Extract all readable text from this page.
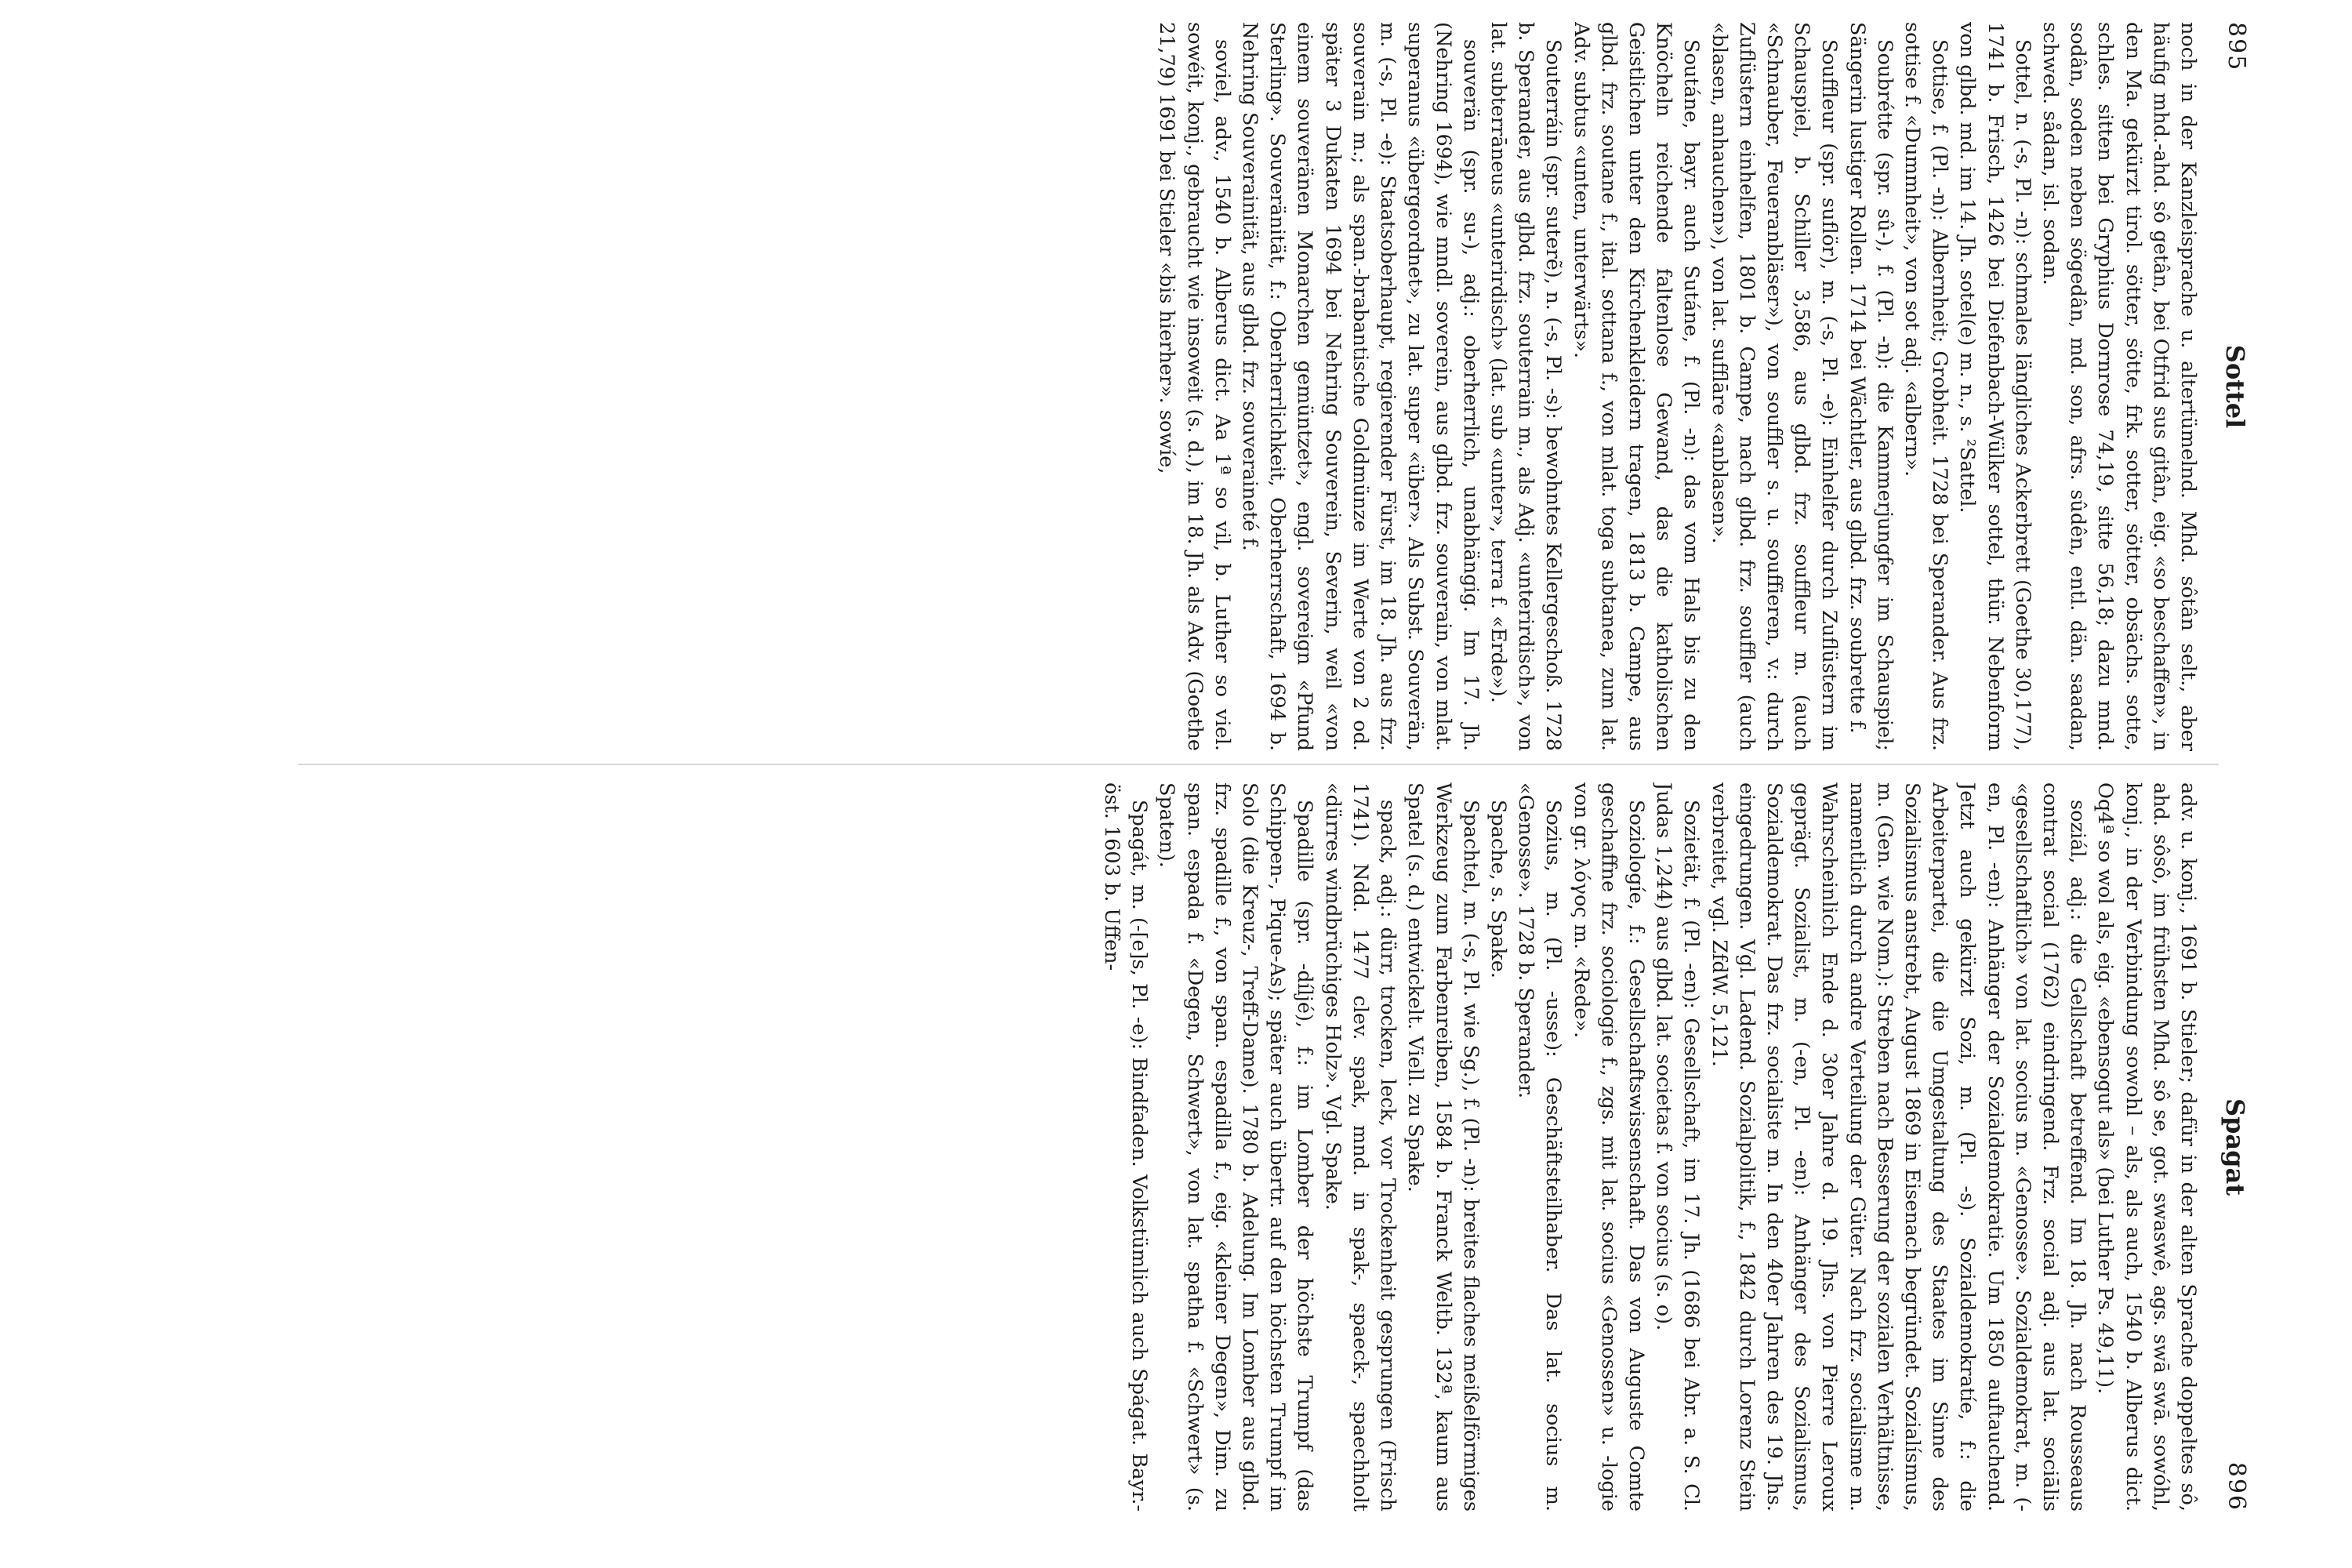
895
Sottel

noch in der Kanzleisprache u. altertümelnd. Mhd. sôtân selt., aber häufig mhd.-ahd. sô getân, bei Otfrid sus gitân, eig. «so beschaffen», in den Ma. gekürzt tirol. sötter, sötte, frk. sotter, sötter, obsächs. sotte, schles. sitten bei Gryphius Dornrose 74,19, sitte 56,18; dazu mnd. sodân, soden neben sögedân, md. son, afrs. sûdên, entl. dän. saadan, schwed. sådan, isl. sodan.

Sottel, n. (-s, Pl. -n): schmales längliches Ackerbrett (Goethe 30,177), 1741 b. Frisch, 1426 bei Diefenbach-Wülker sottel, thür. Nebenform von glbd. md. im 14. Jh. sotel(e) m. n., s. ²Sattel.

Sottise, f. (Pl. -n): Albernheit; Grobheit. 1728 bei Sperander. Aus frz. sottise f. «Dummheit», von sot adj. «albern».

Soubrétte (spr. sû-), f. (Pl. -n): die Kammerjungfer im Schauspiel; Sängerin lustiger Rollen. 1714 bei Wächtler, aus glbd. frz. soubrette f.

Souffleur (spr. suflör), m. (-s, Pl. -e): Einhelfer durch Zuflüstern im Schauspiel, b. Schiller 3,586, aus glbd. frz. souffleur m. (auch «Schnauber, Feueranbläser»), von souffler s. u. souffieren, v.: durch Zuflüstern einhelfen, 1801 b. Campe, nach glbd. frz. souffler (auch «blasen, anhauchen»), von lat. sufflāre «anblasen».

Soutáne, bayr. auch Sutáne, f. (Pl. -n): das vom Hals bis zu den Knöcheln reichende faltenlose Gewand, das die katholischen Geistlichen unter den Kirchenkleidern tragen, 1813 b. Campe, aus glbd. frz. soutane f., ital. sottana f., von mlat. toga subtanea, zum lat. Adv. subtus «unten, unterwärts».

Souterráin (spr. suterẽ), n. (-s, Pl. -s): bewohntes Kellergeschoß. 1728 b. Sperander, aus glbd. frz. souterrain m., als Adj. «unterirdisch», von lat. subterrāneus «unterirdisch» (lat. sub «unter», terra f. «Erde»).

souverän (spr. su-), adj.: oberherrlich, unabhängig. Im 17. Jh. (Nehring 1694), wie mndl. soverein, aus glbd. frz. souverain, von mlat. superanus «übergeordnet», zu lat. super «über». Als Subst. Souverän, m. (-s, Pl. -e): Staatsoberhaupt, regierender Fürst, im 18. Jh. aus frz. souverain m.; als span.-brabantische Goldmünze im Werte von 2 od. später 3 Dukaten 1694 bei Nehring Souverein, Severin, weil «von einem souveränen Monarchen gemüntzet», engl. sovereign «Pfund Sterling». Souveränität, f.: Oberherrlichkeit, Oberherrschaft, 1694 b. Nehring Souverainität, aus glbd. frz. souveraineté f.

soviel, adv., 1540 b. Alberus dict. Aa 1ª so vil, b. Luther so viel. sowéit, konj., gebraucht wie insoweit (s. d.), im 18. Jh. als Adv. (Goethe 21,79) 1691 bei Stieler «bis hierher». sowíe,

Spagat
896

adv. u. konj., 1691 b. Stieler; dafür in der alten Sprache doppeltes sô, ahd. sôsô, im frühsten Mhd. sô se, got. swaswê, ags. swā swā. sowóhl, konj., in der Verbindung sowohl – als, als auch, 1540 b. Alberus dict. Oq4ª so wol als, eig. «ebensogut als» (bei Luther Ps. 49,11).

soziál, adj.: die Gellschaft betreffend. Im 18. Jh. nach Rousseaus contrat social (1762) eindringend. Frz. social adj. aus lat. sociālis «gesellschaftlich» von lat. socius m. «Genosse». Sozialdemokrat, m. (-en, Pl. -en): Anhänger der Sozialdemokratie. Um 1850 auftauchend. Jetzt auch gekürzt Sozi, m. (Pl. -s). Sozialdemokratíe, f.: die Arbeiterpartei, die die Umgestaltung des Staates im Sinne des Sozialismus anstrebt, August 1869 in Eisenach begründet. Sozialísmus, m. (Gen. wie Nom.): Streben nach Besserung der sozialen Verhältnisse, namentlich durch andre Verteilung der Güter. Nach frz. socialisme m. Wahrscheinlich Ende d. 30er Jahre d. 19. Jhs. von Pierre Leroux geprägt. Sozialist, m. (-en, Pl. -en): Anhänger des Sozialismus, Sozialdemokrat. Das frz. socialiste m. In den 40er Jahren des 19. Jhs. eingedrungen. Vgl. Ladend. Sozialpolitik, f., 1842 durch Lorenz Stein verbreitet, vgl. ZfdW. 5,121.

Sozietät, f. (Pl. -en): Gesellschaft, im 17. Jh. (1686 bei Abr. a. S. Cl. Judas 1,244) aus glbd. lat. societas f. von socius (s. o).

Soziologíe, f.: Gesellschaftswissenschaft. Das von Auguste Comte geschaffne frz. sociologie f., zgs. mit lat. socius «Genossen» u. -logie von gr. λόγος m. «Rede».

Sozius, m. (Pl. -usse): Geschäftsteilhaber. Das lat. socius m. «Genosse». 1728 b. Sperander.

Spache, s. Spake.

Spachtel, m. (-s, Pl. wie Sg.), f. (Pl. -n): breites flaches meißelförmiges Werkzeug zum Farbenreiben, 1584 b. Franck Weltb. 132ª, kaum aus Spatel (s. d.) entwickelt. Viell. zu Spake.

spack, adj.: dürr, trocken, leck, vor Trockenheit gesprungen (Frisch 1741). Ndd. 1477 clev. spak, mnd. in spak-, spaeck-, spaechholt «dürres windbrüchiges Holz». Vgl. Spake.

Spadille (spr. -díljé), f.: im Lomber der höchste Trumpf (das Schippen-, Pique-As); später auch übertr. auf den höchsten Trumpf im Solo (die Kreuz-, Treff-Dame). 1780 b. Adelung. Im Lomber aus glbd. frz. spadille f., von span. espadilla f., eig. «kleiner Degen», Dim. zu span. espada f. «Degen, Schwert», von lat. spatha f. «Schwert» (s. Spaten).

Spagát, m. (-[e]s, Pl. -e): Bindfaden. Volkstümlich auch Spágat. Bayr.-öst. 1603 b. Uffen-
